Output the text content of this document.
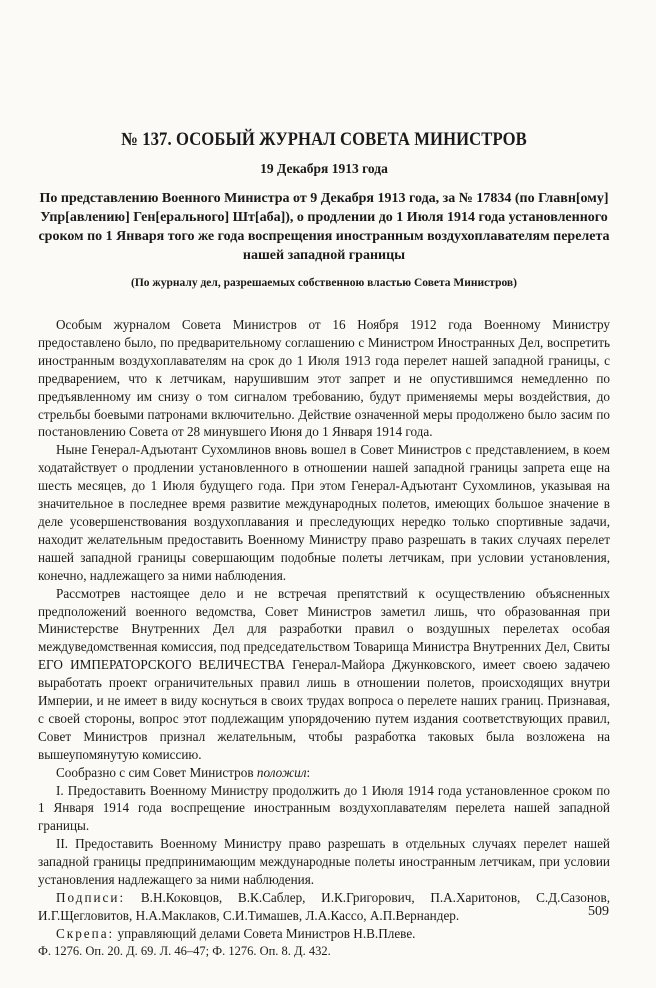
№ 137. ОСОБЫЙ ЖУРНАЛ СОВЕТА МИНИСТРОВ
19 Декабря 1913 года
По представлению Военного Министра от 9 Декабря 1913 года, за № 17834 (по Главн[ому] Упр[авлению] Ген[ерального] Шт[аба]), о продлении до 1 Июля 1914 года установленного сроком по 1 Января того же года воспрещения иностранным воздухоплавателям перелета нашей западной границы
(По журналу дел, разрешаемых собственною властью Совета Министров)

Особым журналом Совета Министров от 16 Ноября 1912 года Военному Министру предоставлено было, по предварительному соглашению с Министром Иностранных Дел, воспретить иностранным воздухоплавателям на срок до 1 Июля 1913 года перелет нашей западной границы, с предварением, что к летчикам, нарушившим этот запрет и не опустившимся немедленно по предъявленному им снизу о том сигналом требованию, будут применяемы меры воздействия, до стрельбы боевыми патронами включительно. Действие означенной меры продолжено было засим по постановлению Совета от 28 минувшего Июня до 1 Января 1914 года.

Ныне Генерал-Адъютант Сухомлинов вновь вошел в Совет Министров с представлением, в коем ходатайствует о продлении установленного в отношении нашей западной границы запрета еще на шесть месяцев, до 1 Июля будущего года. При этом Генерал-Адъютант Сухомлинов, указывая на значительное в последнее время развитие международных полетов, имеющих большое значение в деле усовершенствования воздухоплавания и преследующих нередко только спортивные задачи, находит желательным предоставить Военному Министру право разрешать в таких случаях перелет нашей западной границы совершающим подобные полеты летчикам, при условии установления, конечно, надлежащего за ними наблюдения.

Рассмотрев настоящее дело и не встречая препятствий к осуществлению объясненных предположений военного ведомства, Совет Министров заметил лишь, что образованная при Министерстве Внутренних Дел для разработки правил о воздушных перелетах особая междуведомственная комиссия, под председательством Товарища Министра Внутренних Дел, Свиты ЕГО ИМПЕРАТОРСКОГО ВЕЛИЧЕСТВА Генерал-Майора Джунковского, имеет своею задачею выработать проект ограничительных правил лишь в отношении полетов, происходящих внутри Империи, и не имеет в виду коснуться в своих трудах вопроса о перелете наших границ. Признавая, с своей стороны, вопрос этот подлежащим упорядочению путем издания соответствующих правил, Совет Министров признал желательным, чтобы разработка таковых была возложена на вышеупомянутую комиссию.

Сообразно с сим Совет Министров положил:

I. Предоставить Военному Министру продолжить до 1 Июля 1914 года установленное сроком по 1 Января 1914 года воспрещение иностранным воздухоплавателям перелета нашей западной границы.

II. Предоставить Военному Министру право разрешать в отдельных случаях перелет нашей западной границы предпринимающим международные полеты иностранным летчикам, при условии установления надлежащего за ними наблюдения.

Подписи: В.Н.Коковцов, В.К.Саблер, И.К.Григорович, П.А.Харитонов, С.Д.Сазонов, И.Г.Щегловитов, Н.А.Маклаков, С.И.Тимашев, Л.А.Кассо, А.П.Вернандер.

Скрепа: управляющий делами Совета Министров Н.В.Плеве.

Ф. 1276. Оп. 20. Д. 69. Л. 46–47; Ф. 1276. Оп. 8. Д. 432.

509
